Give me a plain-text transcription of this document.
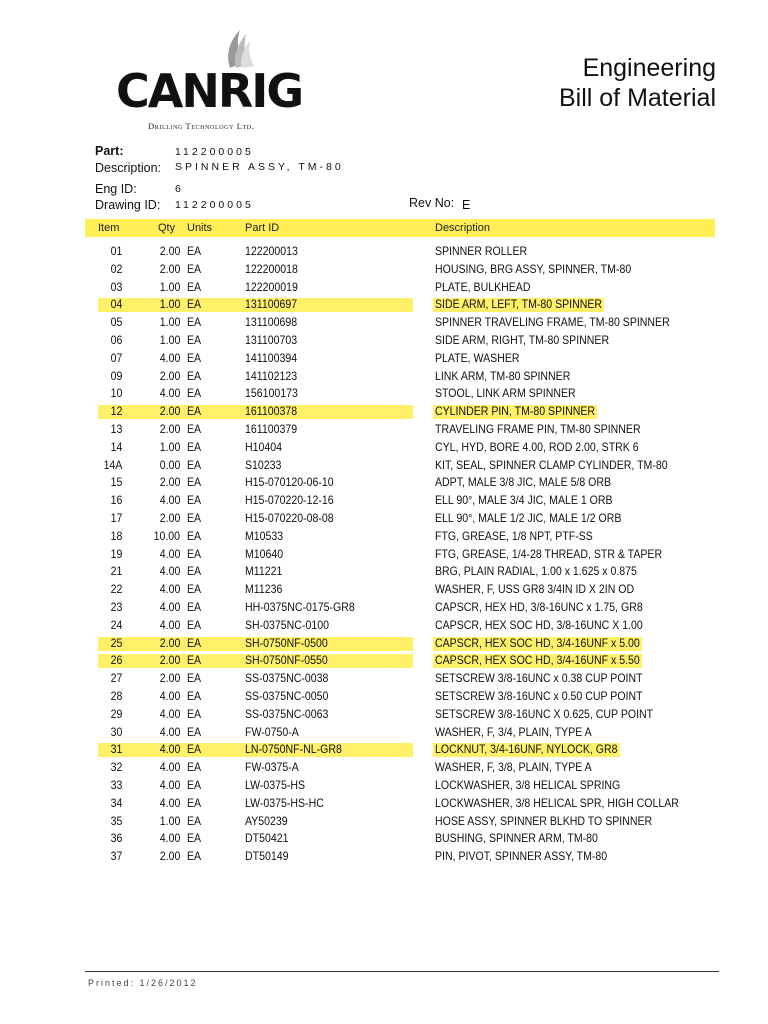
CANRIG
Drilling Technology Ltd.
Engineering
Bill of Material
Part:	112200005
Description: SPINNER ASSY, TM-80
Eng ID:	6
Drawing ID: 112200005	Rev No: E
Item	Qty Units	Part ID	Description
01	2.00 EA	122200013	SPINNER ROLLER
02	2.00 EA	122200018	HOUSING, BRG ASSY, SPINNER, TM-80
03	1.00 EA	122200019	PLATE, BULKHEAD
04	1.00 EA	131100697	SIDE ARM, LEFT, TM-80 SPINNER
05	1.00 EA	131100698	SPINNER TRAVELING FRAME, TM-80 SPINNER
06	1.00 EA	131100703	SIDE ARM, RIGHT, TM-80 SPINNER
07	4.00 EA	141100394	PLATE, WASHER
09	2.00 EA	141102123	LINK ARM, TM-80 SPINNER
10	4.00 EA	156100173	STOOL, LINK ARM SPINNER
12	2.00 EA	161100378	CYLINDER PIN, TM-80 SPINNER
13	2.00 EA	161100379	TRAVELING FRAME PIN, TM-80 SPINNER
14	1.00 EA	H10404	CYL, HYD, BORE 4.00, ROD 2.00, STRK 6
14A	0.00 EA	S10233	KIT, SEAL, SPINNER CLAMP CYLINDER, TM-80
15	2.00 EA	H15-070120-06-10	ADPT, MALE 3/8 JIC, MALE 5/8 ORB
16	4.00 EA	H15-070220-12-16	ELL 90°, MALE 3/4 JIC, MALE 1 ORB
17	2.00 EA	H15-070220-08-08	ELL 90°, MALE 1/2 JIC, MALE 1/2 ORB
18	10.00 EA	M10533	FTG, GREASE, 1/8 NPT, PTF-SS
19	4.00 EA	M10640	FTG, GREASE, 1/4-28 THREAD, STR & TAPER
21	4.00 EA	M11221	BRG, PLAIN RADIAL, 1.00 x 1.625 x 0.875
22	4.00 EA	M11236	WASHER, F, USS GR8 3/4IN ID X 2IN OD
23	4.00 EA	HH-0375NC-0175-GR8	CAPSCR, HEX HD, 3/8-16UNC x 1.75, GR8
24	4.00 EA	SH-0375NC-0100	CAPSCR, HEX SOC HD, 3/8-16UNC X 1.00
25	2.00 EA	SH-0750NF-0500	CAPSCR, HEX SOC HD, 3/4-16UNF x 5.00
26	2.00 EA	SH-0750NF-0550	CAPSCR, HEX SOC HD, 3/4-16UNF x 5.50
27	2.00 EA	SS-0375NC-0038	SETSCREW 3/8-16UNC x 0.38 CUP POINT
28	4.00 EA	SS-0375NC-0050	SETSCREW 3/8-16UNC x 0.50 CUP POINT
29	4.00 EA	SS-0375NC-0063	SETSCREW 3/8-16UNC X 0.625, CUP POINT
30	4.00 EA	FW-0750-A	WASHER, F, 3/4, PLAIN, TYPE A
31	4.00 EA	LN-0750NF-NL-GR8	LOCKNUT, 3/4-16UNF, NYLOCK, GR8
32	4.00 EA	FW-0375-A	WASHER, F, 3/8, PLAIN, TYPE A
33	4.00 EA	LW-0375-HS	LOCKWASHER, 3/8 HELICAL SPRING
34	4.00 EA	LW-0375-HS-HC	LOCKWASHER, 3/8 HELICAL SPR, HIGH COLLAR
35	1.00 EA	AY50239	HOSE ASSY, SPINNER BLKHD TO SPINNER
36	4.00 EA	DT50421	BUSHING, SPINNER ARM, TM-80
37	2.00 EA	DT50149	PIN, PIVOT, SPINNER ASSY, TM-80
Printed: 1/26/2012
